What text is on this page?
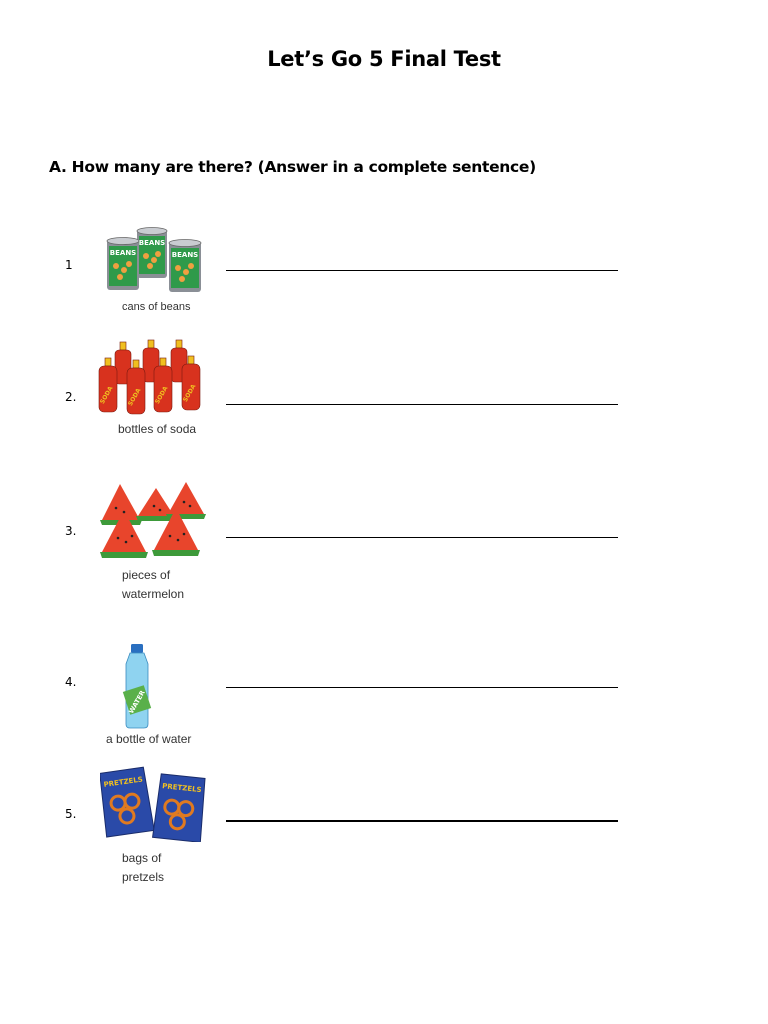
Let’s Go 5 Final Test
A. How many are there? (Answer in a complete sentence)
1
BEANS
BEANS	BEANS
cans of beans
2.	SODA SODA SODA SODA
bottles of soda
3.
pieces of
watermelon
4.
WATER
a bottle of water
5.
PRETZELS	PRETZELS
bags of
pretzels
